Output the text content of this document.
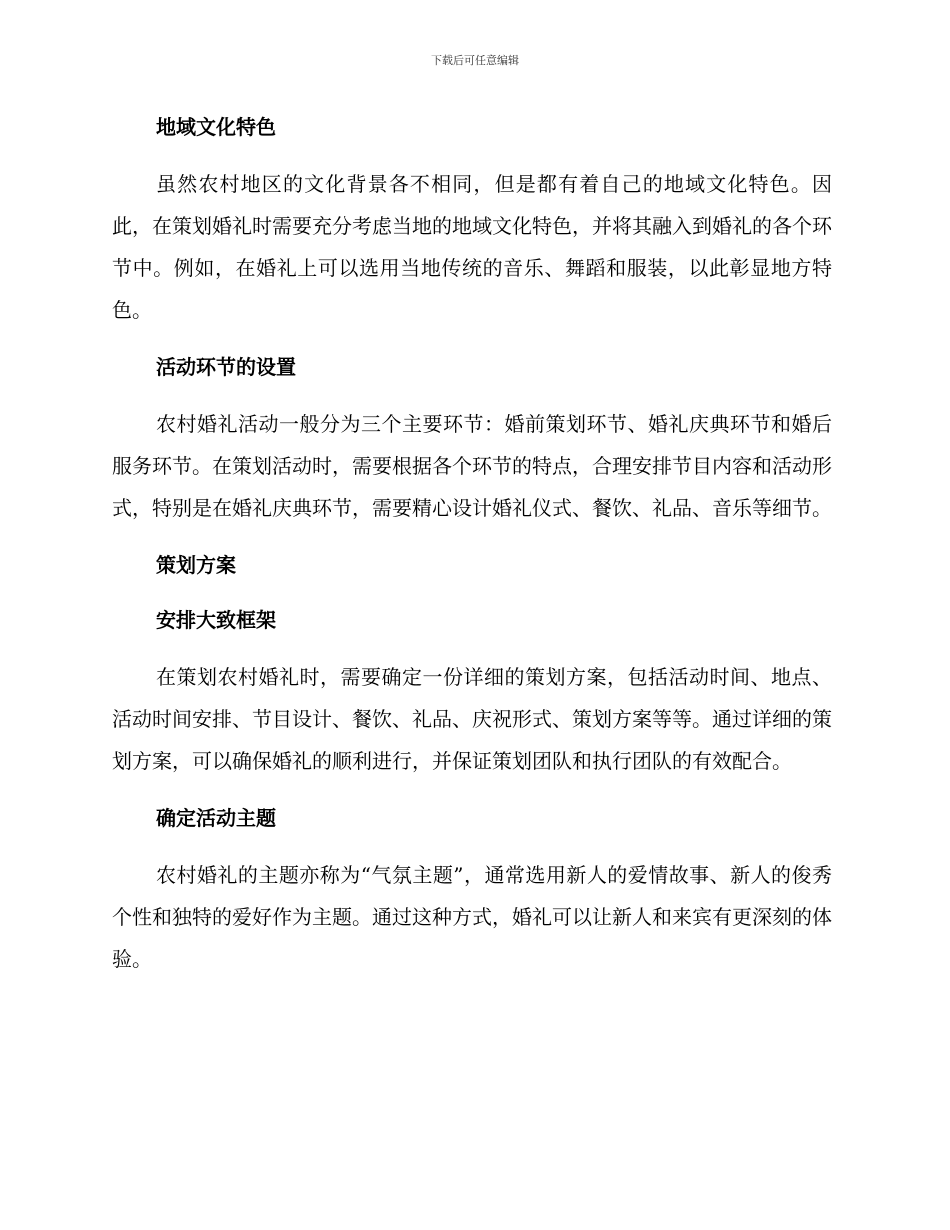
下载后可任意编辑
地域文化特色

虽然农村地区的文化背景各不相同，但是都有着自己的地域文化特色。因此，在策划婚礼时需要充分考虑当地的地域文化特色，并将其融入到婚礼的各个环节中。例如，在婚礼上可以选用当地传统的音乐、舞蹈和服装，以此彰显地方特色。

活动环节的设置

农村婚礼活动一般分为三个主要环节：婚前策划环节、婚礼庆典环节和婚后服务环节。在策划活动时，需要根据各个环节的特点，合理安排节目内容和活动形式，特别是在婚礼庆典环节，需要精心设计婚礼仪式、餐饮、礼品、音乐等细节。

策划方案
安排大致框架

在策划农村婚礼时，需要确定一份详细的策划方案，包括活动时间、地点、活动时间安排、节目设计、餐饮、礼品、庆祝形式、策划方案等等。通过详细的策划方案，可以确保婚礼的顺利进行，并保证策划团队和执行团队的有效配合。

确定活动主题

农村婚礼的主题亦称为“气氛主题”，通常选用新人的爱情故事、新人的俊秀个性和独特的爱好作为主题。通过这种方式，婚礼可以让新人和来宾有更深刻的体验。
